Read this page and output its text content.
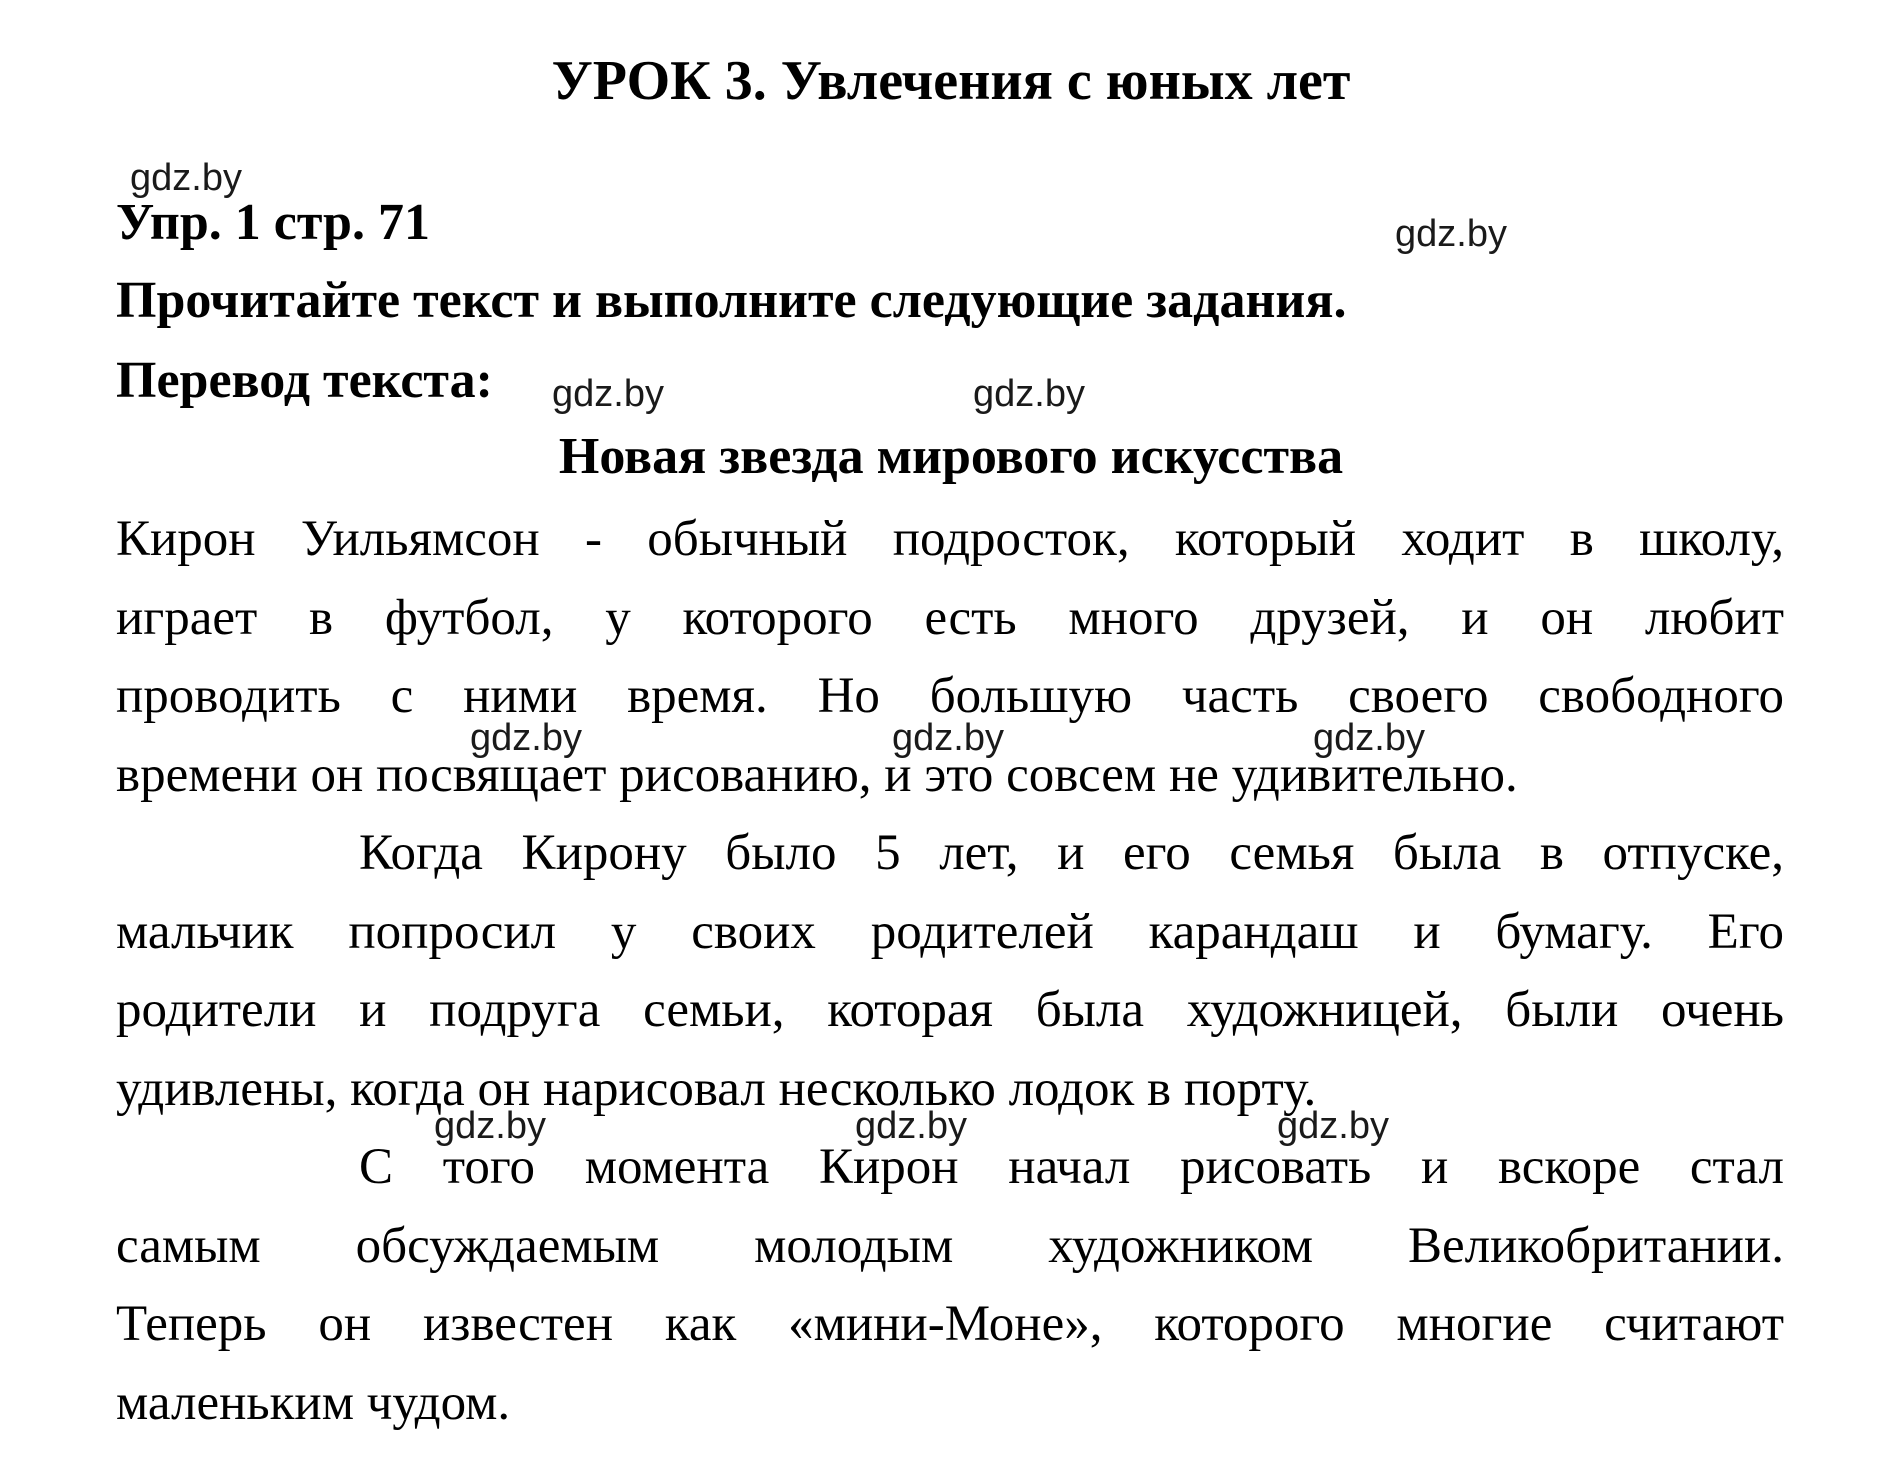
УРОК 3. Увлечения с юных лет
Упр. 1 стр. 71
Прочитайте текст и выполните следующие задания.
Перевод текста:
Новая звезда мирового искусства
Кирон Уильямсон - обычный подросток, который ходит в школу,
играет в футбол, у которого есть много друзей, и он любит
проводить с ними время. Но большую часть своего свободного
времени он посвящает рисованию, и это совсем не удивительно.
Когда Кирону было 5 лет, и его семья была в отпуске,
мальчик попросил у своих родителей карандаш и бумагу. Его
родители и подруга семьи, которая была художницей, были очень
удивлены, когда он нарисовал несколько лодок в порту.
С того момента Кирон начал рисовать и вскоре стал
самым обсуждаемым молодым художником Великобритании.
Теперь он известен как «мини-Моне», которого многие считают
маленьким чудом.
gdz.by
gdz.by
gdz.by	gdz.by
gdz.by	gdz.by	gdz.by
gdz.by	gdz.by	gdz.by
